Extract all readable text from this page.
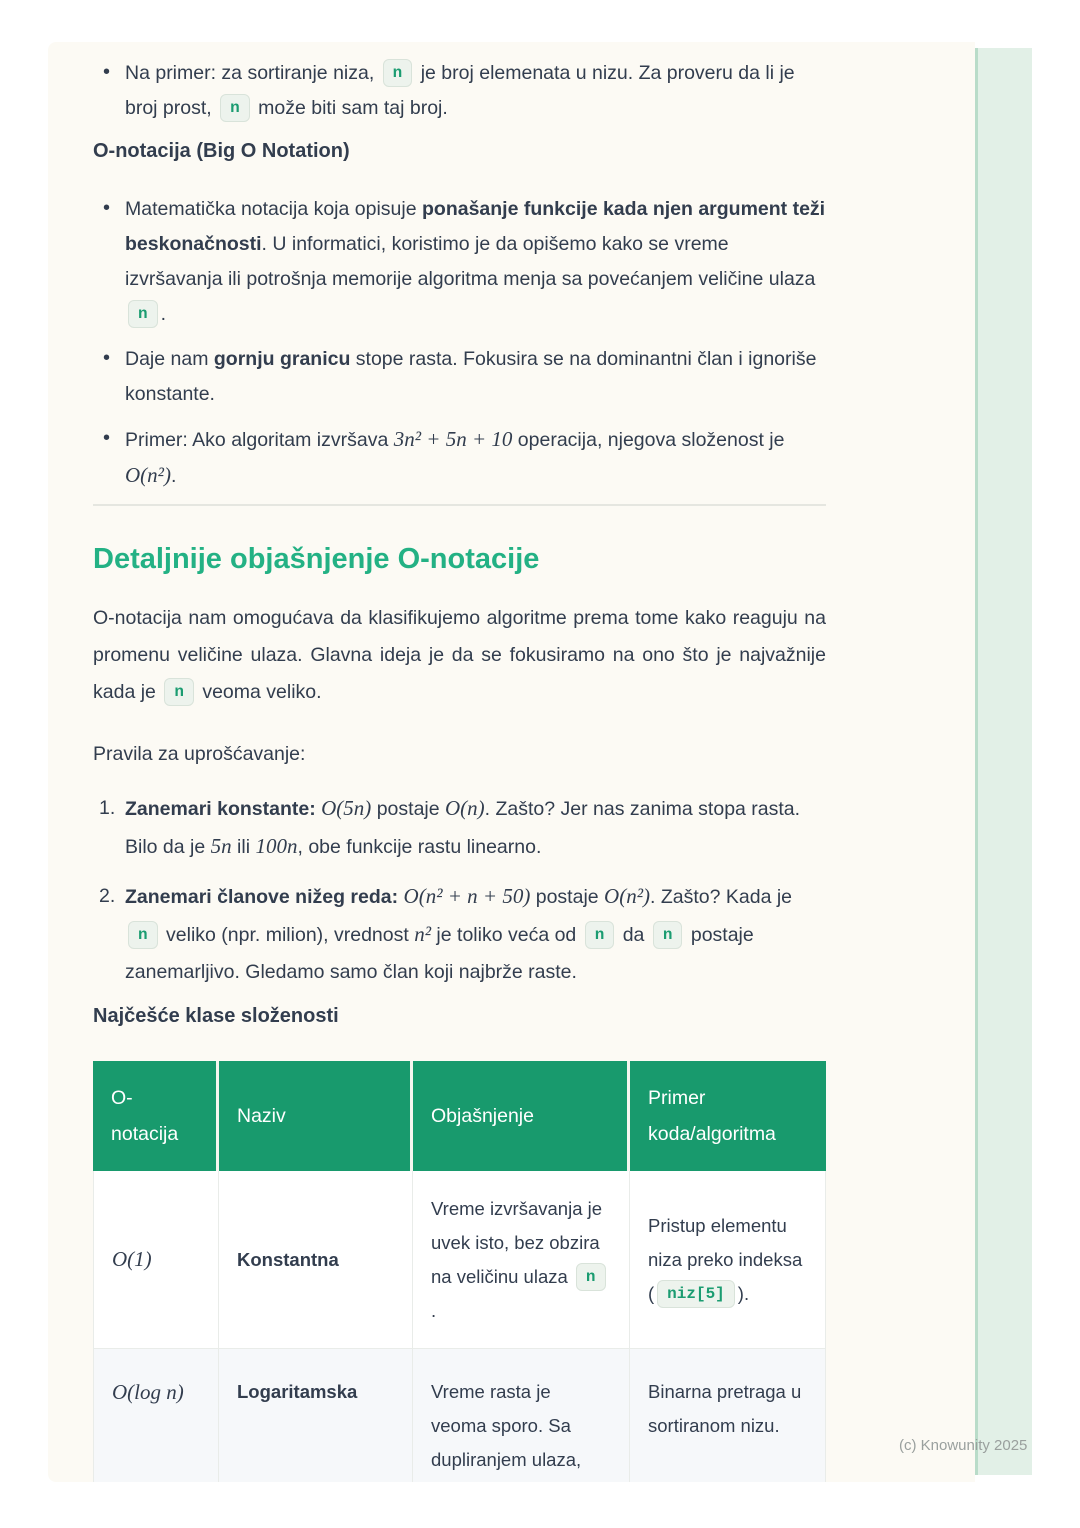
• Na primer: za sortiranje niza, n je broj elemenata u nizu. Za proveru da li je broj prost, n može biti sam taj broj.
O-notacija (Big O Notation)
• Matematička notacija koja opisuje ponašanje funkcije kada njen argument teži beskonačnosti. U informatici, koristimo je da opišemo kako se vreme izvršavanja ili potrošnja memorije algoritma menja sa povećanjem veličine ulaza n .
• Daje nam gornju granicu stope rasta. Fokusira se na dominantni član i ignoriše konstante.
• Primer: Ako algoritam izvršava 3n² + 5n + 10 operacija, njegova složenost je O(n²).
Detaljnije objašnjenje O-notacije

O-notacija nam omogućava da klasifikujemo algoritme prema tome kako reaguju na promenu veličine ulaza. Glavna ideja je da se fokusiramo na ono što je najvažnije kada je n veoma veliko.

Pravila za uprošćavanje:

1. Zanemari konstante: O(5n) postaje O(n). Zašto? Jer nas zanima stopa rasta. Bilo da je 5n ili 100n, obe funkcije rastu linearno.
2. Zanemari članove nižeg reda: O(n² + n + 50) postaje O(n²). Zašto? Kada je n veliko (npr. milion), vrednost n² je toliko veća od n da n postaje zanemarljivo. Gledamo samo član koji najbrže raste.
Najčešće klase složenosti
O-notacija	Naziv	Objašnjenje	Primer koda/algoritma
O(1)	Konstantna	Vreme izvršavanja je uvek isto, bez obzira na veličinu ulaza n.	Pristup elementu niza preko indeksa ( niz[5] ).
O(log n)	Logaritamska	Vreme rasta je veoma sporo. Sa dupliranjem ulaza,	Binarna pretraga u sortiranom nizu.
(c) Knowunity 2025
